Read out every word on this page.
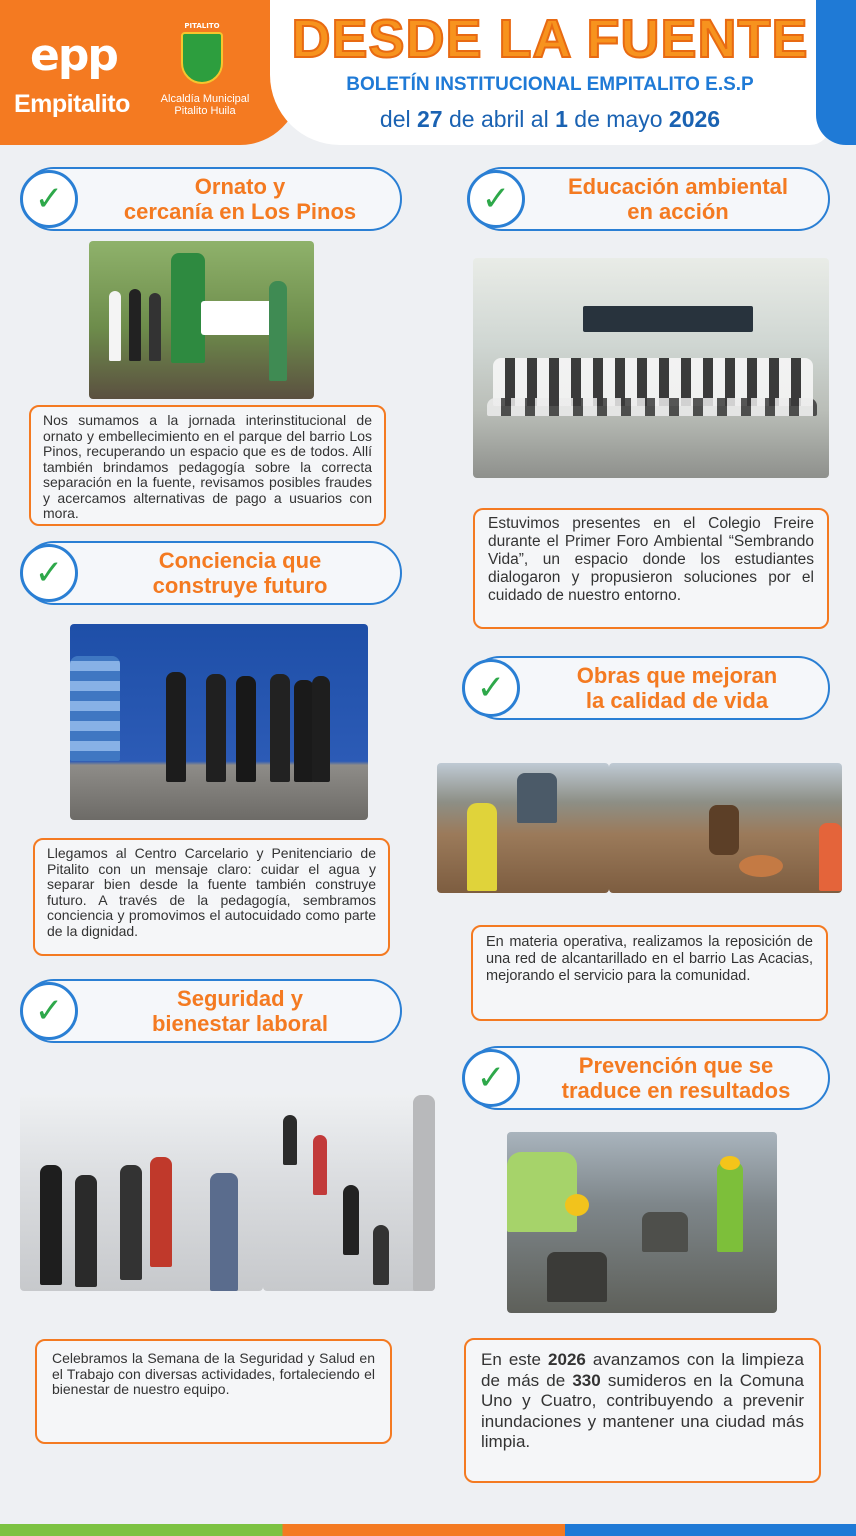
epp
Empitalito
PITALITO
Alcaldía Municipal
Pitalito Huila
DESDE LA FUENTE
BOLETÍN INSTITUCIONAL EMPITALITO E.S.P
del 27 de abril al 1 de mayo 2026
Ornato y
cercanía en Los Pinos
✓
Nos sumamos a la jornada interinstitucional de ornato y embellecimiento en el parque del barrio Los Pinos, recuperando un espacio que es de todos. Allí también brindamos pedagogía sobre la correcta separación en la fuente, revisamos posibles fraudes y acercamos alternativas de pago a usuarios con mora.
Educación ambiental
en acción
✓
Estuvimos presentes en el Colegio Freire durante el Primer Foro Ambiental “Sembrando Vida”, un espacio donde los estudiantes dialogaron y propusieron soluciones por el cuidado de nuestro entorno.
Conciencia que
construye futuro
✓
Llegamos al Centro Carcelario y Penitenciario de Pitalito con un mensaje claro: cuidar el agua y separar bien desde la fuente también construye futuro. A través de la pedagogía, sembramos conciencia y promovimos el autocuidado como parte de la dignidad.
Obras que mejoran
la calidad de vida
✓
En materia operativa, realizamos la reposición de una red de alcantarillado en el barrio Las Acacias, mejorando el servicio para la comunidad.
Seguridad y
bienestar laboral
✓
Celebramos la Semana de la Seguridad y Salud en el Trabajo con diversas actividades, fortaleciendo el bienestar de nuestro equipo.
Prevención que se
traduce en resultados
✓
En este 2026 avanzamos con la limpieza de más de 330 sumideros en la Comuna Uno y Cuatro, contribuyendo a prevenir inundaciones y mantener una ciudad más limpia.
